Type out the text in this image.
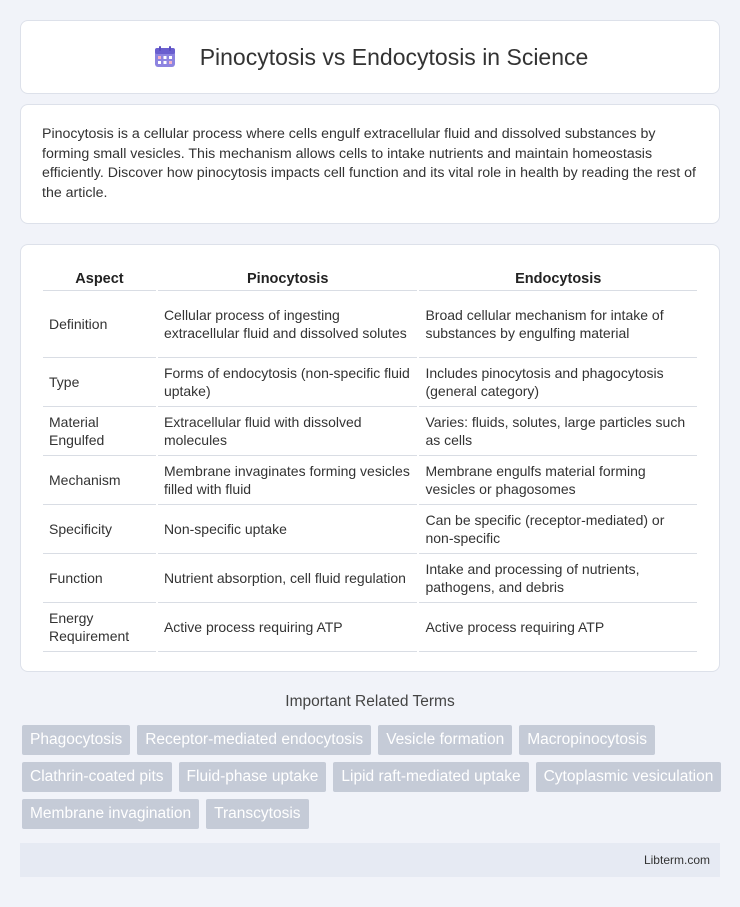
Pinocytosis vs Endocytosis in Science

Pinocytosis is a cellular process where cells engulf extracellular fluid and dissolved substances by forming small vesicles. This mechanism allows cells to intake nutrients and maintain homeostasis efficiently. Discover how pinocytosis impacts cell function and its vital role in health by reading the rest of the article.

Aspect	Pinocytosis	Endocytosis
Definition	Cellular process of ingesting extracellular fluid and dissolved solutes	Broad cellular mechanism for intake of substances by engulfing material
Type	Forms of endocytosis (non-specific fluid uptake)	Includes pinocytosis and phagocytosis (general category)
Material Engulfed	Extracellular fluid with dissolved molecules	Varies: fluids, solutes, large particles such as cells
Mechanism	Membrane invaginates forming vesicles filled with fluid	Membrane engulfs material forming vesicles or phagosomes
Specificity	Non-specific uptake	Can be specific (receptor-mediated) or non-specific
Function	Nutrient absorption, cell fluid regulation	Intake and processing of nutrients, pathogens, and debris
Energy Requirement	Active process requiring ATP	Active process requiring ATP
Important Related Terms
Phagocytosis	Receptor-mediated endocytosis	Vesicle formation	Macropinocytosis
Clathrin-coated pits	Fluid-phase uptake	Lipid raft-mediated uptake	Cytoplasmic vesiculation
Membrane invagination	Transcytosis
Libterm.com
